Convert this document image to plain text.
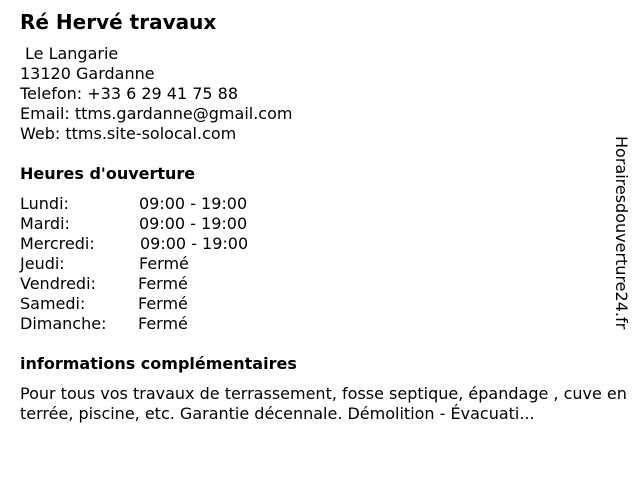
Ré Hervé travaux
Le Langarie
13120 Gardanne
Telefon: +33 6 29 41 75 88
Email: ttms.gardanne@gmail.com
Web: ttms.site-solocal.com
Heures d'ouverture
Lundi:	09:00 - 19:00
Mardi:	09:00 - 19:00
Mercredi:	09:00 - 19:00
Jeudi:	Fermé
Vendredi:	Fermé
Samedi:	Fermé
Dimanche: Fermé
informations complémentaires
Pour tous vos travaux de terrassement, fosse septique, épandage , cuve enterrée, piscine, etc. Garantie décennale. Démolition - Évacuati...
Horairesdouverture24.fr
